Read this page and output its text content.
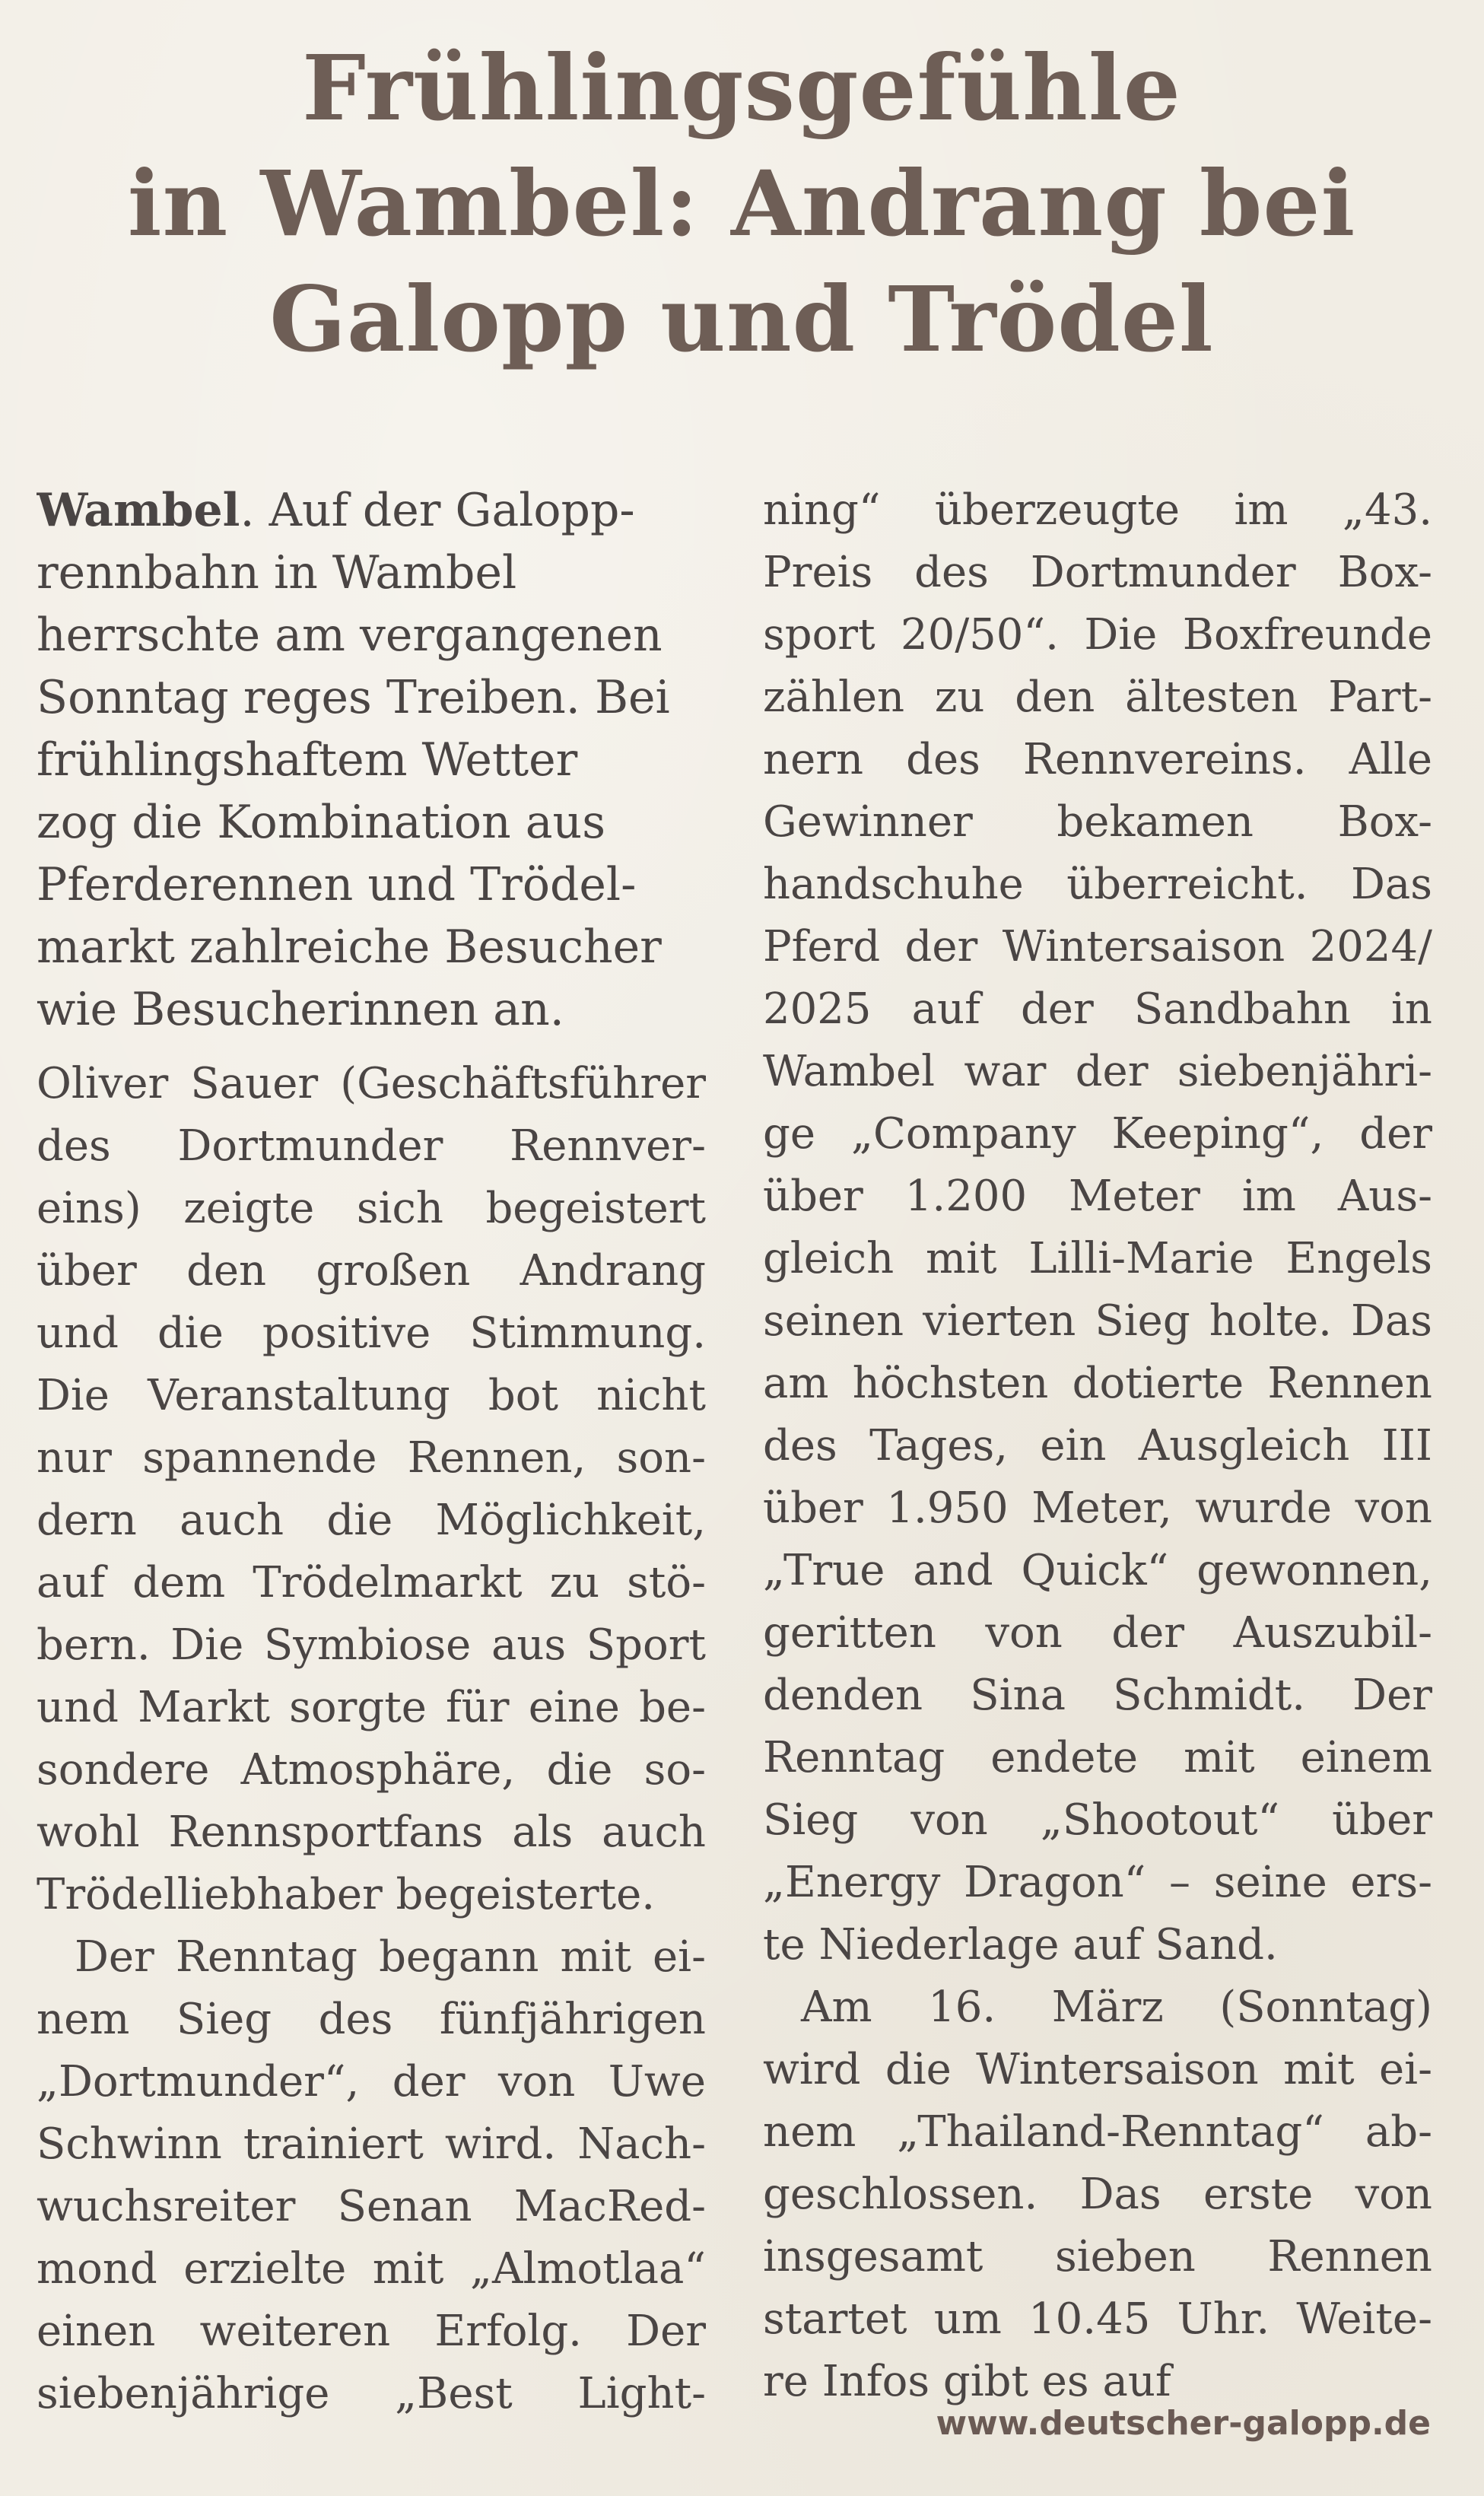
Frühlingsgefühle
in Wambel: Andrang bei
Galopp und Trödel
Wambel. Auf der Galopp-
rennbahn in Wambel
herrschte am vergangenen
Sonntag reges Treiben. Bei
frühlingshaftem Wetter
zog die Kombination aus
Pferderennen und Trödel-
markt zahlreiche Besucher
wie Besucherinnen an.
Oliver Sauer (Geschäftsführer
des Dortmunder Rennver-
eins) zeigte sich begeistert
über den großen Andrang
und die positive Stimmung.
Die Veranstaltung bot nicht
nur spannende Rennen, son-
dern auch die Möglichkeit,
auf dem Trödelmarkt zu stö-
bern. Die Symbiose aus Sport
und Markt sorgte für eine be-
sondere Atmosphäre, die so-
wohl Rennsportfans als auch
Trödelliebhaber begeisterte.
Der Renntag begann mit ei-
nem Sieg des fünfjährigen
„Dortmunder“, der von Uwe
Schwinn trainiert wird. Nach-
wuchsreiter Senan MacRed-
mond erzielte mit „Almotlaa“
einen weiteren Erfolg. Der
siebenjährige „Best Light-
ning“ überzeugte im „43.
Preis des Dortmunder Box-
sport 20/50“. Die Boxfreunde
zählen zu den ältesten Part-
nern des Rennvereins. Alle
Gewinner bekamen Box-
handschuhe überreicht. Das
Pferd der Wintersaison 2024/
2025 auf der Sandbahn in
Wambel war der siebenjähri-
ge „Company Keeping“, der
über 1.200 Meter im Aus-
gleich mit Lilli-Marie Engels
seinen vierten Sieg holte. Das
am höchsten dotierte Rennen
des Tages, ein Ausgleich III
über 1.950 Meter, wurde von
„True and Quick“ gewonnen,
geritten von der Auszubil-
denden Sina Schmidt. Der
Renntag endete mit einem
Sieg von „Shootout“ über
„Energy Dragon“ – seine ers-
te Niederlage auf Sand.
Am 16. März (Sonntag)
wird die Wintersaison mit ei-
nem „Thailand-Renntag“ ab-
geschlossen. Das erste von
insgesamt sieben Rennen
startet um 10.45 Uhr. Weite-
re Infos gibt es auf
www.deutscher-galopp.de
